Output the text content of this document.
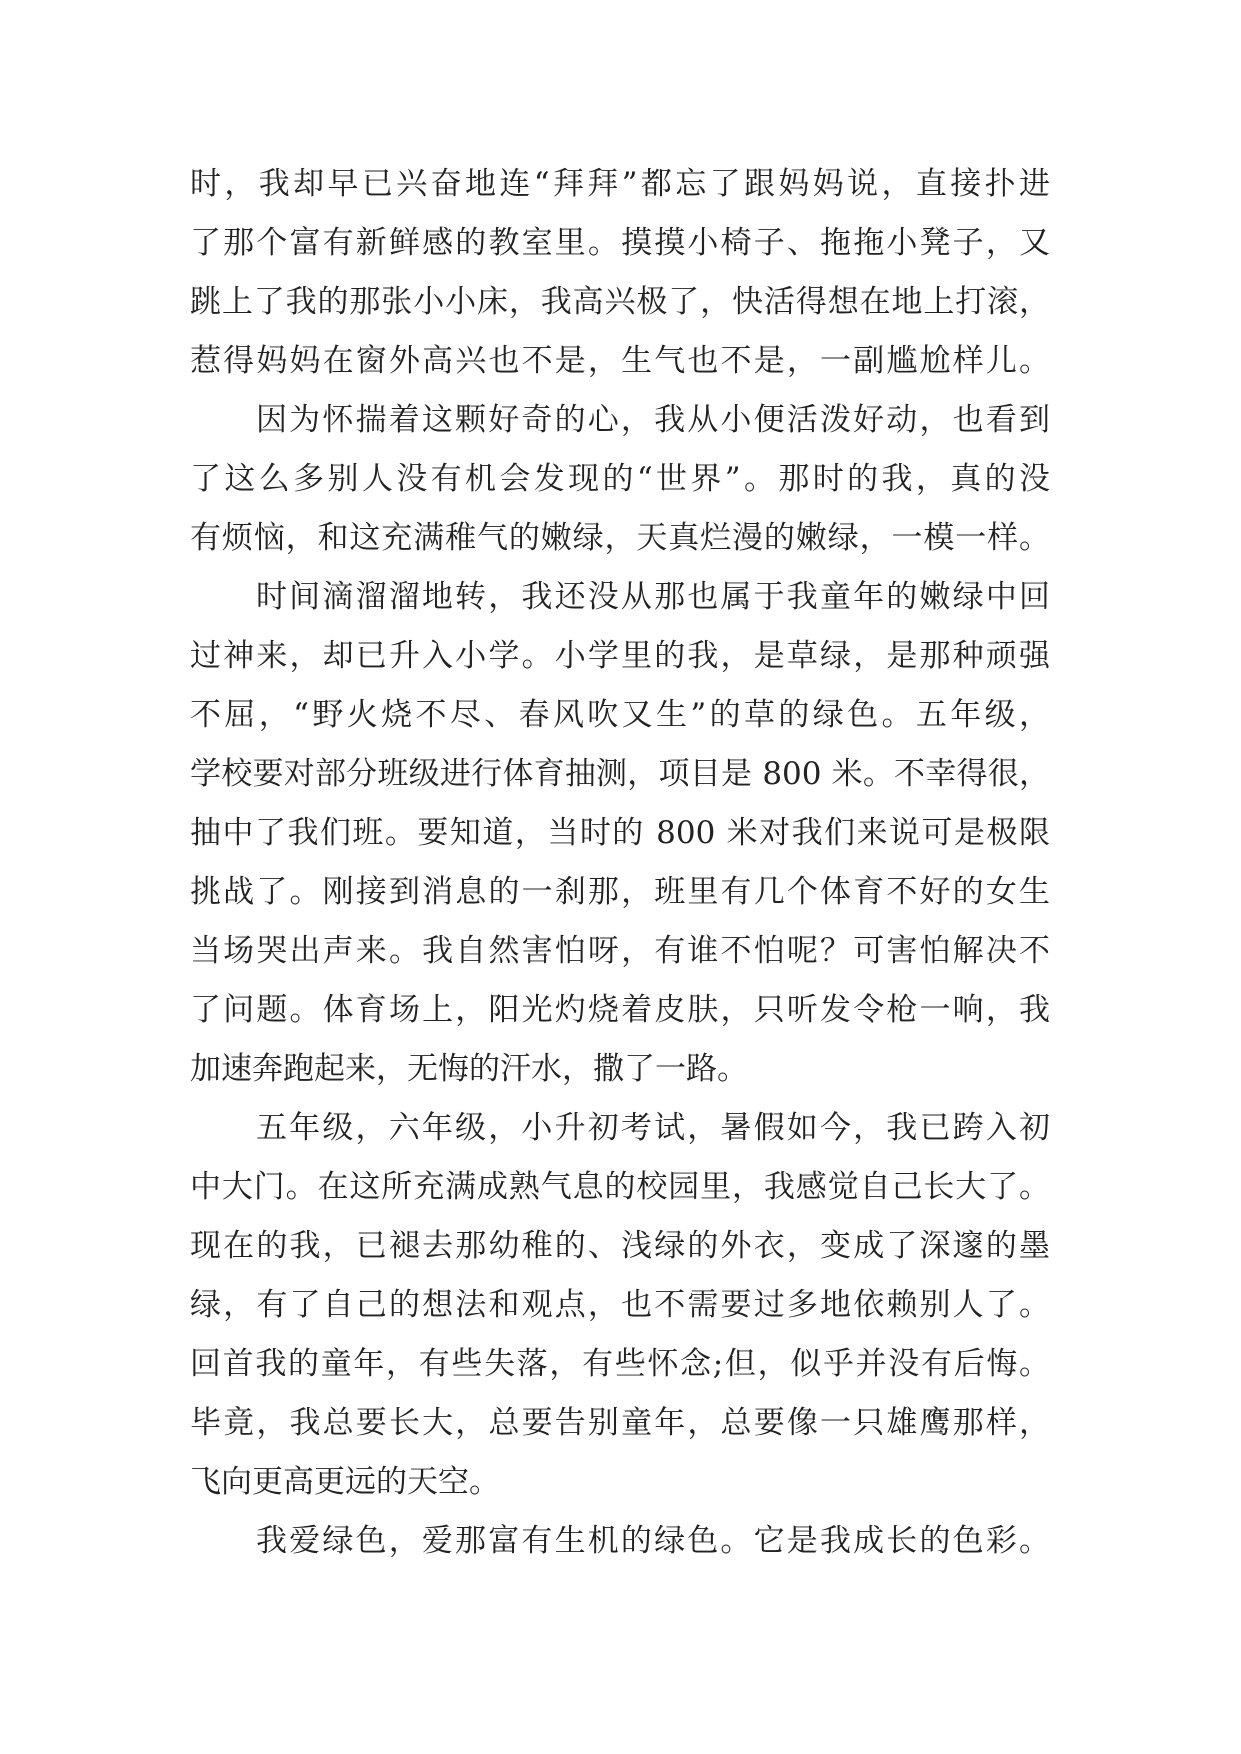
时，我却早已兴奋地连“拜拜”都忘了跟妈妈说，直接扑进
了那个富有新鲜感的教室里。摸摸小椅子、拖拖小凳子，又
跳上了我的那张小小床，我高兴极了，快活得想在地上打滚，
惹得妈妈在窗外高兴也不是，生气也不是，一副尴尬样儿。
因为怀揣着这颗好奇的心，我从小便活泼好动，也看到
了这么多别人没有机会发现的“世界”。那时的我，真的没
有烦恼，和这充满稚气的嫩绿，天真烂漫的嫩绿，一模一样。
时间滴溜溜地转，我还没从那也属于我童年的嫩绿中回
过神来，却已升入小学。小学里的我，是草绿，是那种顽强
不屈，“野火烧不尽、春风吹又生”的草的绿色。五年级，
学校要对部分班级进行体育抽测，项目是 800 米。不幸得很，
抽中了我们班。要知道，当时的 800 米对我们来说可是极限
挑战了。刚接到消息的一刹那，班里有几个体育不好的女生
当场哭出声来。我自然害怕呀，有谁不怕呢？可害怕解决不
了问题。体育场上，阳光灼烧着皮肤，只听发令枪一响，我
加速奔跑起来，无悔的汗水，撒了一路。
五年级，六年级，小升初考试，暑假如今，我已跨入初
中大门。在这所充满成熟气息的校园里，我感觉自己长大了。
现在的我，已褪去那幼稚的、浅绿的外衣，变成了深邃的墨
绿，有了自己的想法和观点，也不需要过多地依赖别人了。
回首我的童年，有些失落，有些怀念;但，似乎并没有后悔。
毕竟，我总要长大，总要告别童年，总要像一只雄鹰那样，
飞向更高更远的天空。
我爱绿色，爱那富有生机的绿色。它是我成长的色彩。
